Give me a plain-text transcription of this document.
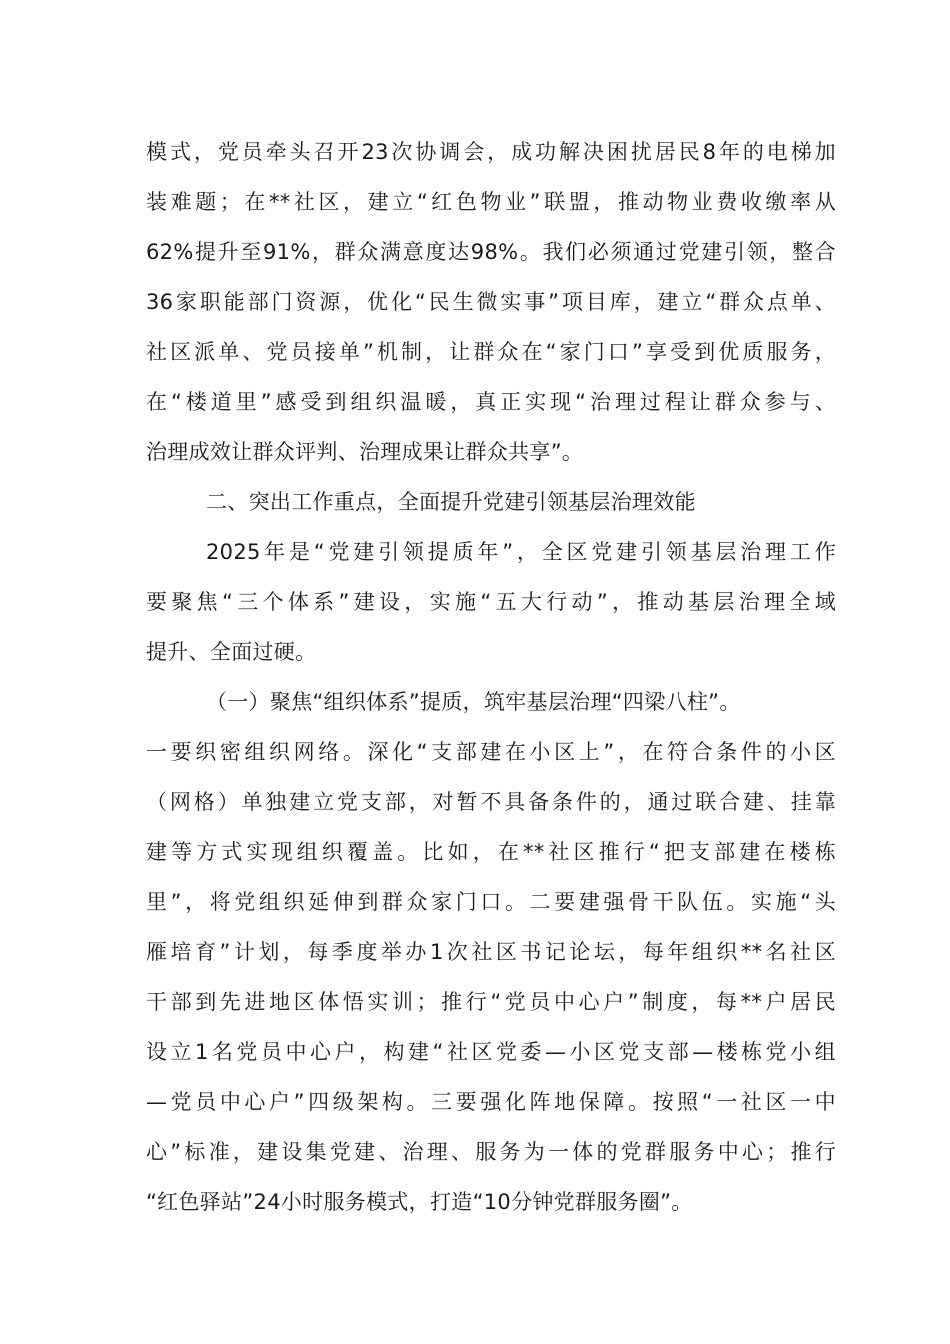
模式，党员牵头召开23次协调会，成功解决困扰居民8年的电梯加
装难题；在**社区，建立“红色物业”联盟，推动物业费收缴率从
62%提升至91%，群众满意度达98%。我们必须通过党建引领，整合
36家职能部门资源，优化“民生微实事”项目库，建立“群众点单、
社区派单、党员接单”机制，让群众在“家门口”享受到优质服务，
在“楼道里”感受到组织温暖，真正实现“治理过程让群众参与、
治理成效让群众评判、治理成果让群众共享”。
二、突出工作重点，全面提升党建引领基层治理效能
2025年是“党建引领提质年”，全区党建引领基层治理工作
要聚焦“三个体系”建设，实施“五大行动”，推动基层治理全域
提升、全面过硬。
（一）聚焦“组织体系”提质，筑牢基层治理“四梁八柱”。
一要织密组织网络。深化“支部建在小区上”，在符合条件的小区
（网格）单独建立党支部，对暂不具备条件的，通过联合建、挂靠
建等方式实现组织覆盖。比如，在**社区推行“把支部建在楼栋
里”，将党组织延伸到群众家门口。二要建强骨干队伍。实施“头
雁培育”计划，每季度举办1次社区书记论坛，每年组织**名社区
干部到先进地区体悟实训；推行“党员中心户”制度，每**户居民
设立1名党员中心户，构建“社区党委—小区党支部—楼栋党小组
—党员中心户”四级架构。三要强化阵地保障。按照“一社区一中
心”标准，建设集党建、治理、服务为一体的党群服务中心；推行
“红色驿站”24小时服务模式，打造“10分钟党群服务圈”。
